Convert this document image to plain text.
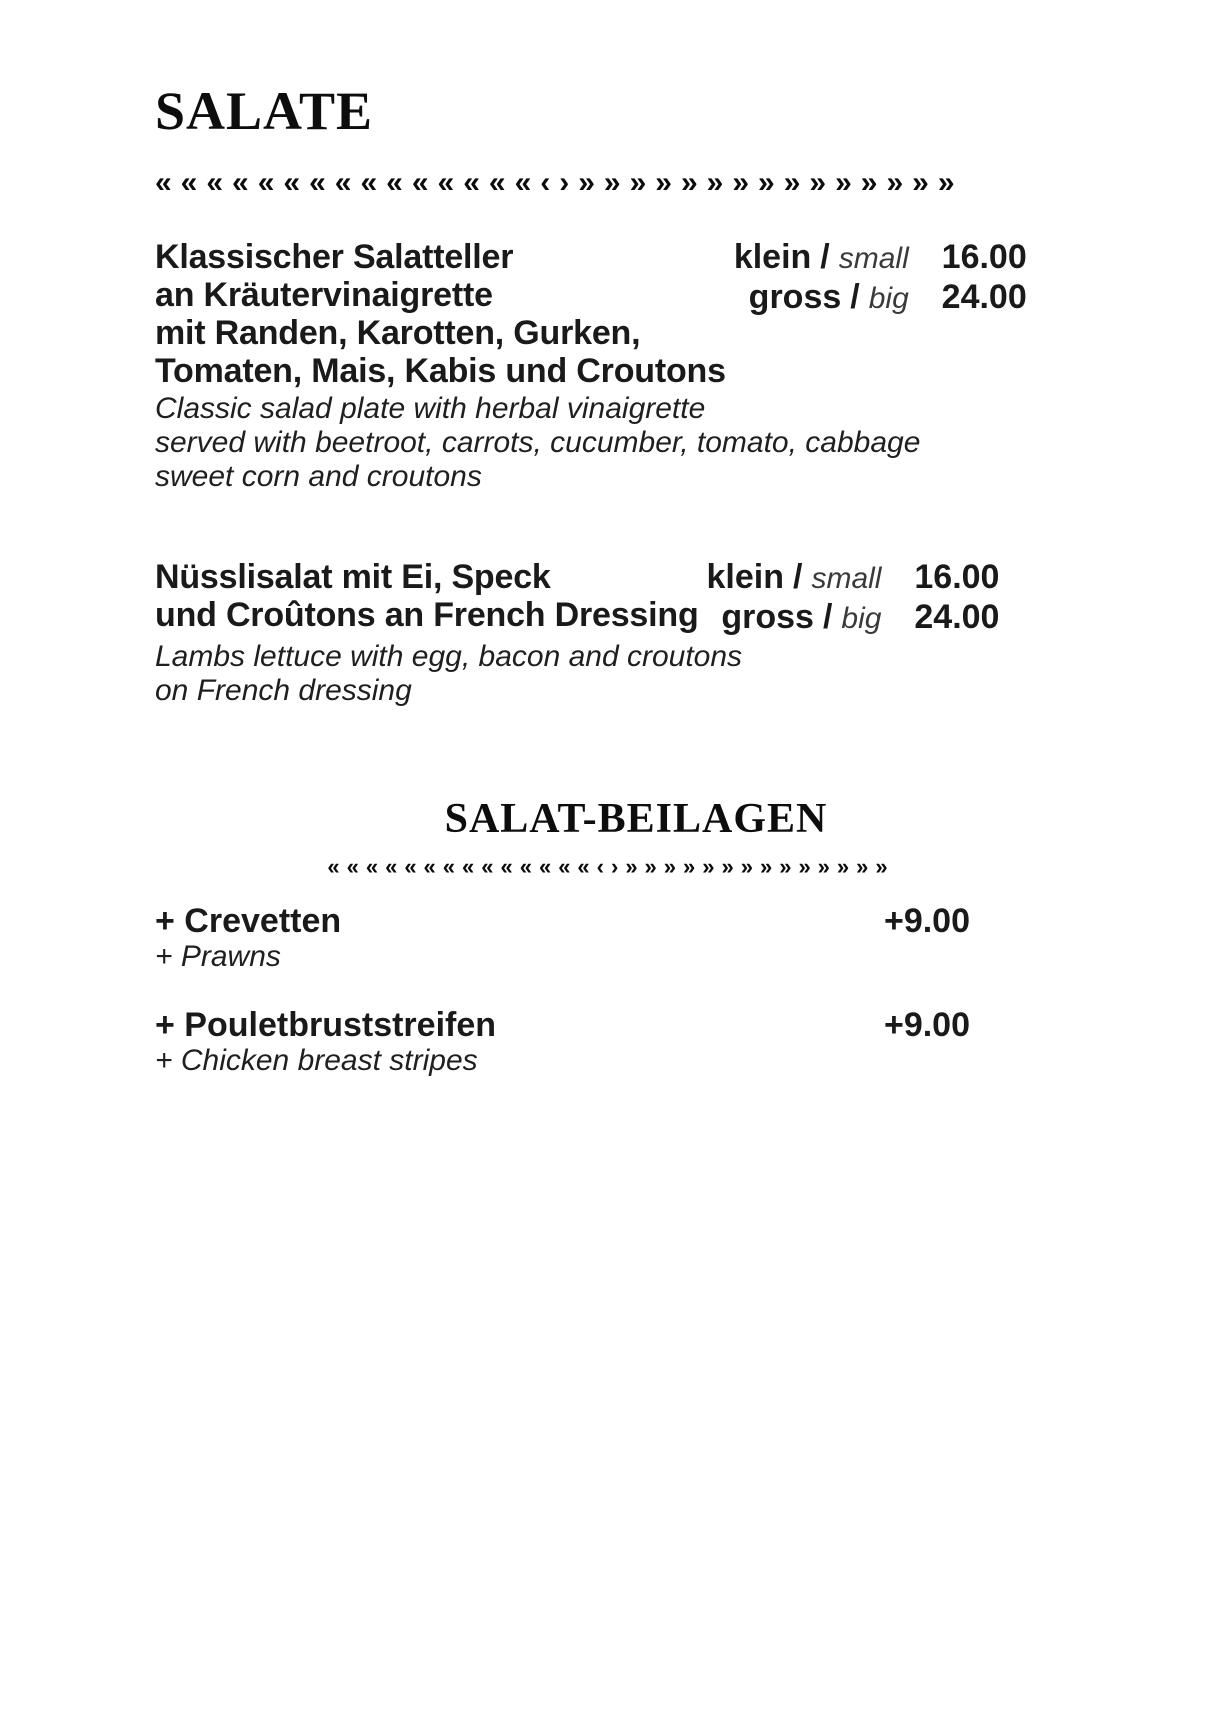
SALATE
«««««««««««««««‹›»»»»»»»»»»»»»»»
Klassischer Salatteller
an Kräutervinaigrette
mit Randen, Karotten, Gurken,
Tomaten, Mais, Kabis und Croutons
klein / small 16.00
gross / big 24.00
Classic salad plate with herbal vinaigrette
served with beetroot, carrots, cucumber, tomato, cabbage
sweet corn and croutons
Nüsslisalat mit Ei, Speck
und Croûtons an French Dressing
klein / small 16.00
gross / big 24.00
Lambs lettuce with egg, bacon and croutons
on French dressing
SALAT-BEILAGEN
««««««««««««««‹›»»»»»»»»»»»»»»
+ Crevetten	+9.00
+ Prawns
+ Pouletbruststreifen	+9.00
+ Chicken breast stripes
